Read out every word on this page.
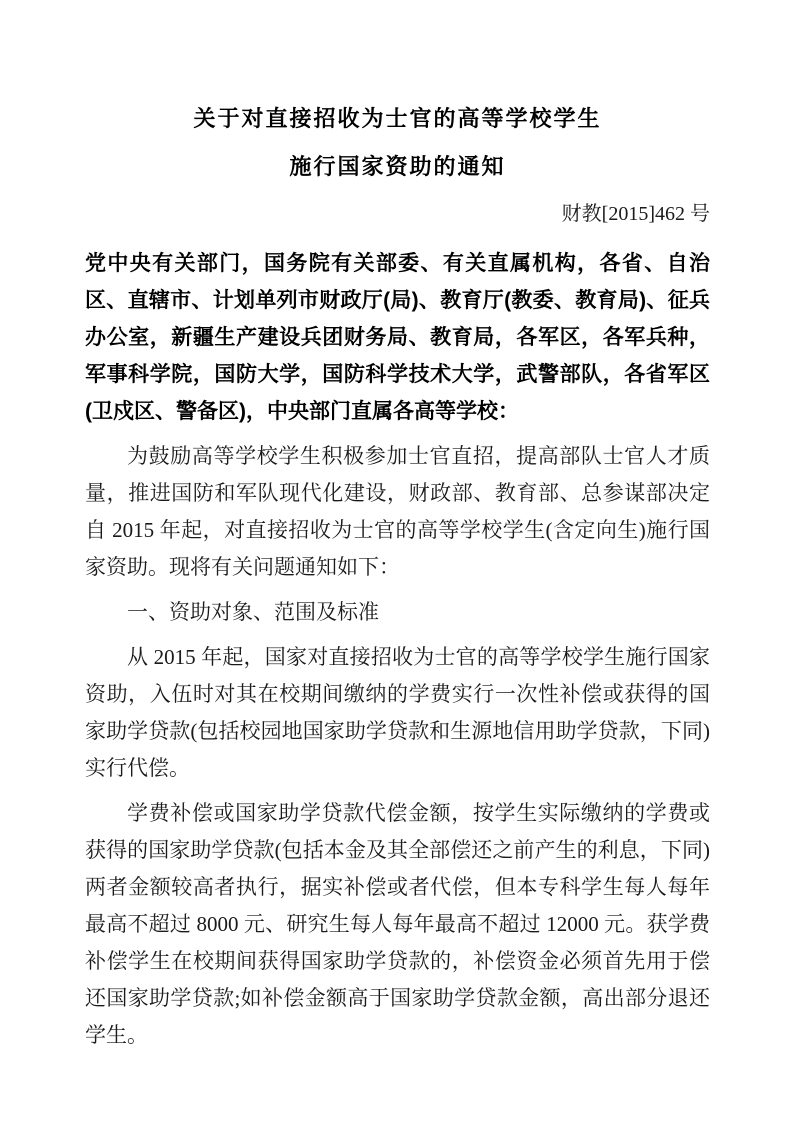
关于对直接招收为士官的高等学校学生
施行国家资助的通知
财教[2015]462 号

党中央有关部门，国务院有关部委、有关直属机构，各省、自治区、直辖市、计划单列市财政厅(局)、教育厅(教委、教育局)、征兵办公室，新疆生产建设兵团财务局、教育局，各军区，各军兵种，军事科学院，国防大学，国防科学技术大学，武警部队，各省军区(卫戍区、警备区)，中央部门直属各高等学校：

为鼓励高等学校学生积极参加士官直招，提高部队士官人才质量，推进国防和军队现代化建设，财政部、教育部、总参谋部决定自 2015 年起，对直接招收为士官的高等学校学生(含定向生)施行国家资助。现将有关问题通知如下：

一、资助对象、范围及标准

从 2015 年起，国家对直接招收为士官的高等学校学生施行国家资助，入伍时对其在校期间缴纳的学费实行一次性补偿或获得的国家助学贷款(包括校园地国家助学贷款和生源地信用助学贷款，下同)实行代偿。

学费补偿或国家助学贷款代偿金额，按学生实际缴纳的学费或获得的国家助学贷款(包括本金及其全部偿还之前产生的利息，下同)两者金额较高者执行，据实补偿或者代偿，但本专科学生每人每年最高不超过 8000 元、研究生每人每年最高不超过 12000 元。获学费补偿学生在校期间获得国家助学贷款的，补偿资金必须首先用于偿还国家助学贷款;如补偿金额高于国家助学贷款金额，高出部分退还学生。
